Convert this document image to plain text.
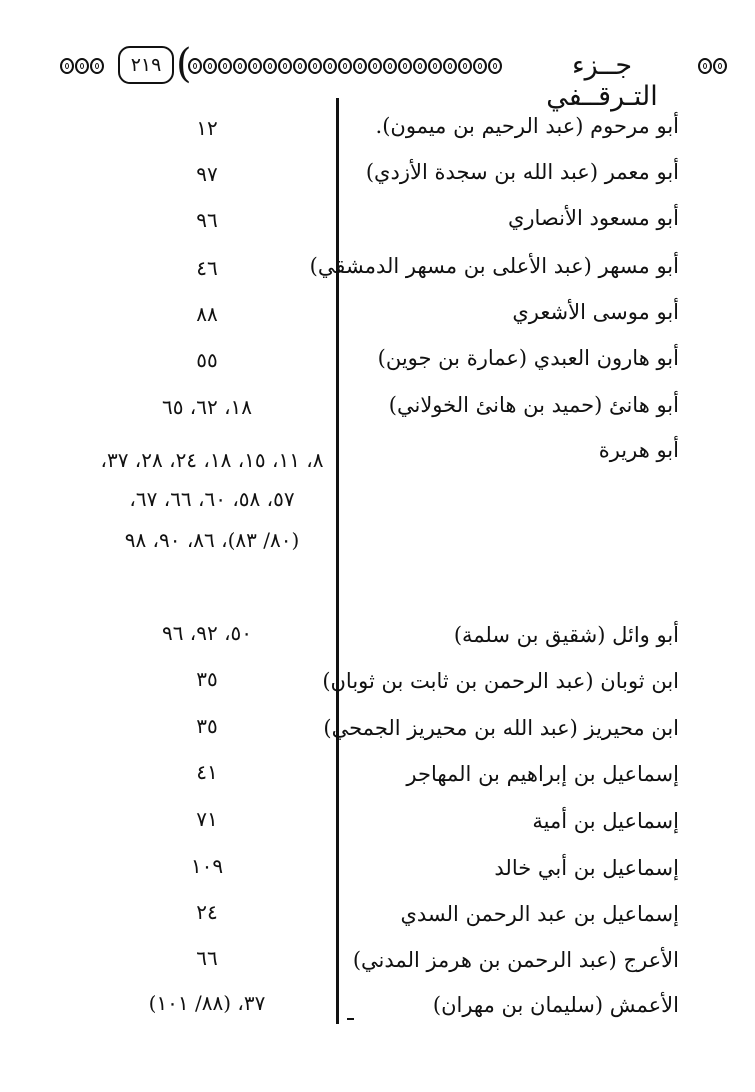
٢١٩ (	جــزء التـرقــفي
أبو مرحوم (عبد الرحيم بن ميمون).
١٢
أبو معمر (عبد الله بن سجدة الأزدي)
٩٧
أبو مسعود الأنصاري
٩٦
أبو مسهر (عبد الأعلى بن مسهر الدمشقي)
٤٦
أبو موسى الأشعري
٨٨
أبو هارون العبدي (عمارة بن جوين)
٥٥
أبو هانئ (حميد بن هانئ الخولاني)
١٨، ٦٢، ٦٥
أبو هريرة
٨، ١١، ١٥، ١٨، ٢٤، ٢٨، ٣٧،
٥٧، ٥٨، ٦٠، ٦٦، ٦٧،
(٨٠/ ٨٣)، ٨٦، ٩٠، ٩٨
أبو وائل (شقيق بن سلمة)
٥٠، ٩٢، ٩٦
ابن ثوبان (عبد الرحمن بن ثابت بن ثوبان)
٣٥
ابن محيريز (عبد الله بن محيريز الجمحي)
٣٥
إسماعيل بن إبراهيم بن المهاجر
٤١
إسماعيل بن أمية
٧١
إسماعيل بن أبي خالد
١٠٩
إسماعيل بن عبد الرحمن السدي
٢٤
الأعرج (عبد الرحمن بن هرمز المدني)
٦٦
الأعمش (سليمان بن مهران)
٣٧، (٨٨/ ١٠١)
